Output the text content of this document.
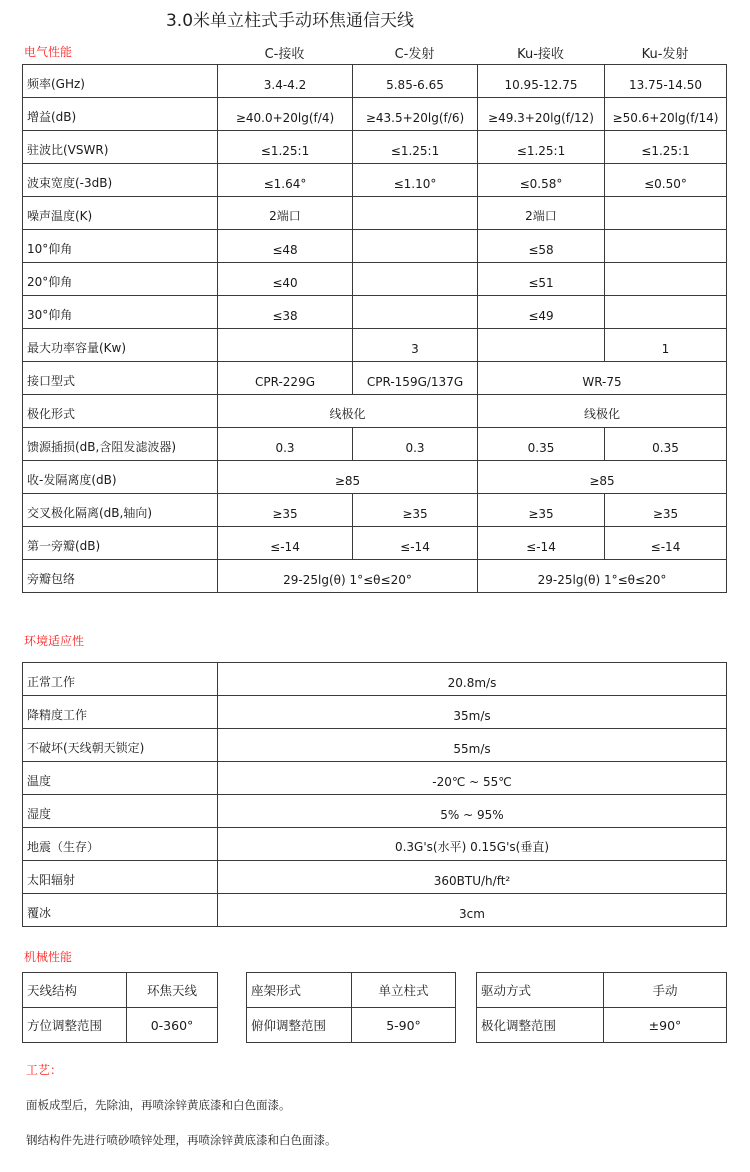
3.0米单立柱式手动环焦通信天线
电气性能	C-接收	C-发射	Ku-接收	Ku-发射
频率(GHz)	3.4-4.2	5.85-6.65	10.95-12.75	13.75-14.50
增益(dB)	≥40.0+20lg(f/4)	≥43.5+20lg(f/6)	≥49.3+20lg(f/12)	≥50.6+20lg(f/14)
驻波比(VSWR)	≤1.25:1	≤1.25:1	≤1.25:1	≤1.25:1
波束宽度(-3dB)	≤1.64°	≤1.10°	≤0.58°	≤0.50°
噪声温度(K)	2端口		2端口	
10°仰角	≤48		≤58	
20°仰角	≤40		≤51	
30°仰角	≤38		≤49	
最大功率容量(Kw)		3		1
接口型式	CPR-229G	CPR-159G/137G	WR-75	
极化形式	线极化		线极化	
馈源插损(dB,含阻发滤波器)	0.3	0.3	0.35	0.35
收-发隔离度(dB)	≥85		≥85	
交叉极化隔离(dB,轴向)	≥35	≥35	≥35	≥35
第一旁瓣(dB)	≤-14	≤-14	≤-14	≤-14
旁瓣包络	29-25lg(θ) 1°≤θ≤20°		29-25lg(θ) 1°≤θ≤20°	
环境适应性
正常工作	20.8m/s
降精度工作	35m/s
不破坏(天线朝天锁定)	55m/s
温度	-20℃ ~ 55℃
湿度	5% ~ 95%
地震（生存）	0.3G's(水平) 0.15G's(垂直)
太阳辐射	360BTU/h/ft²
覆冰	3cm
机械性能
天线结构	环焦天线
方位调整范围	0-360°
座架形式	单立柱式
俯仰调整范围	5-90°
驱动方式	手动
极化调整范围	±90°
工艺：
面板成型后，先除油，再喷涂锌黄底漆和白色面漆。
钢结构件先进行喷砂喷锌处理，再喷涂锌黄底漆和白色面漆。
